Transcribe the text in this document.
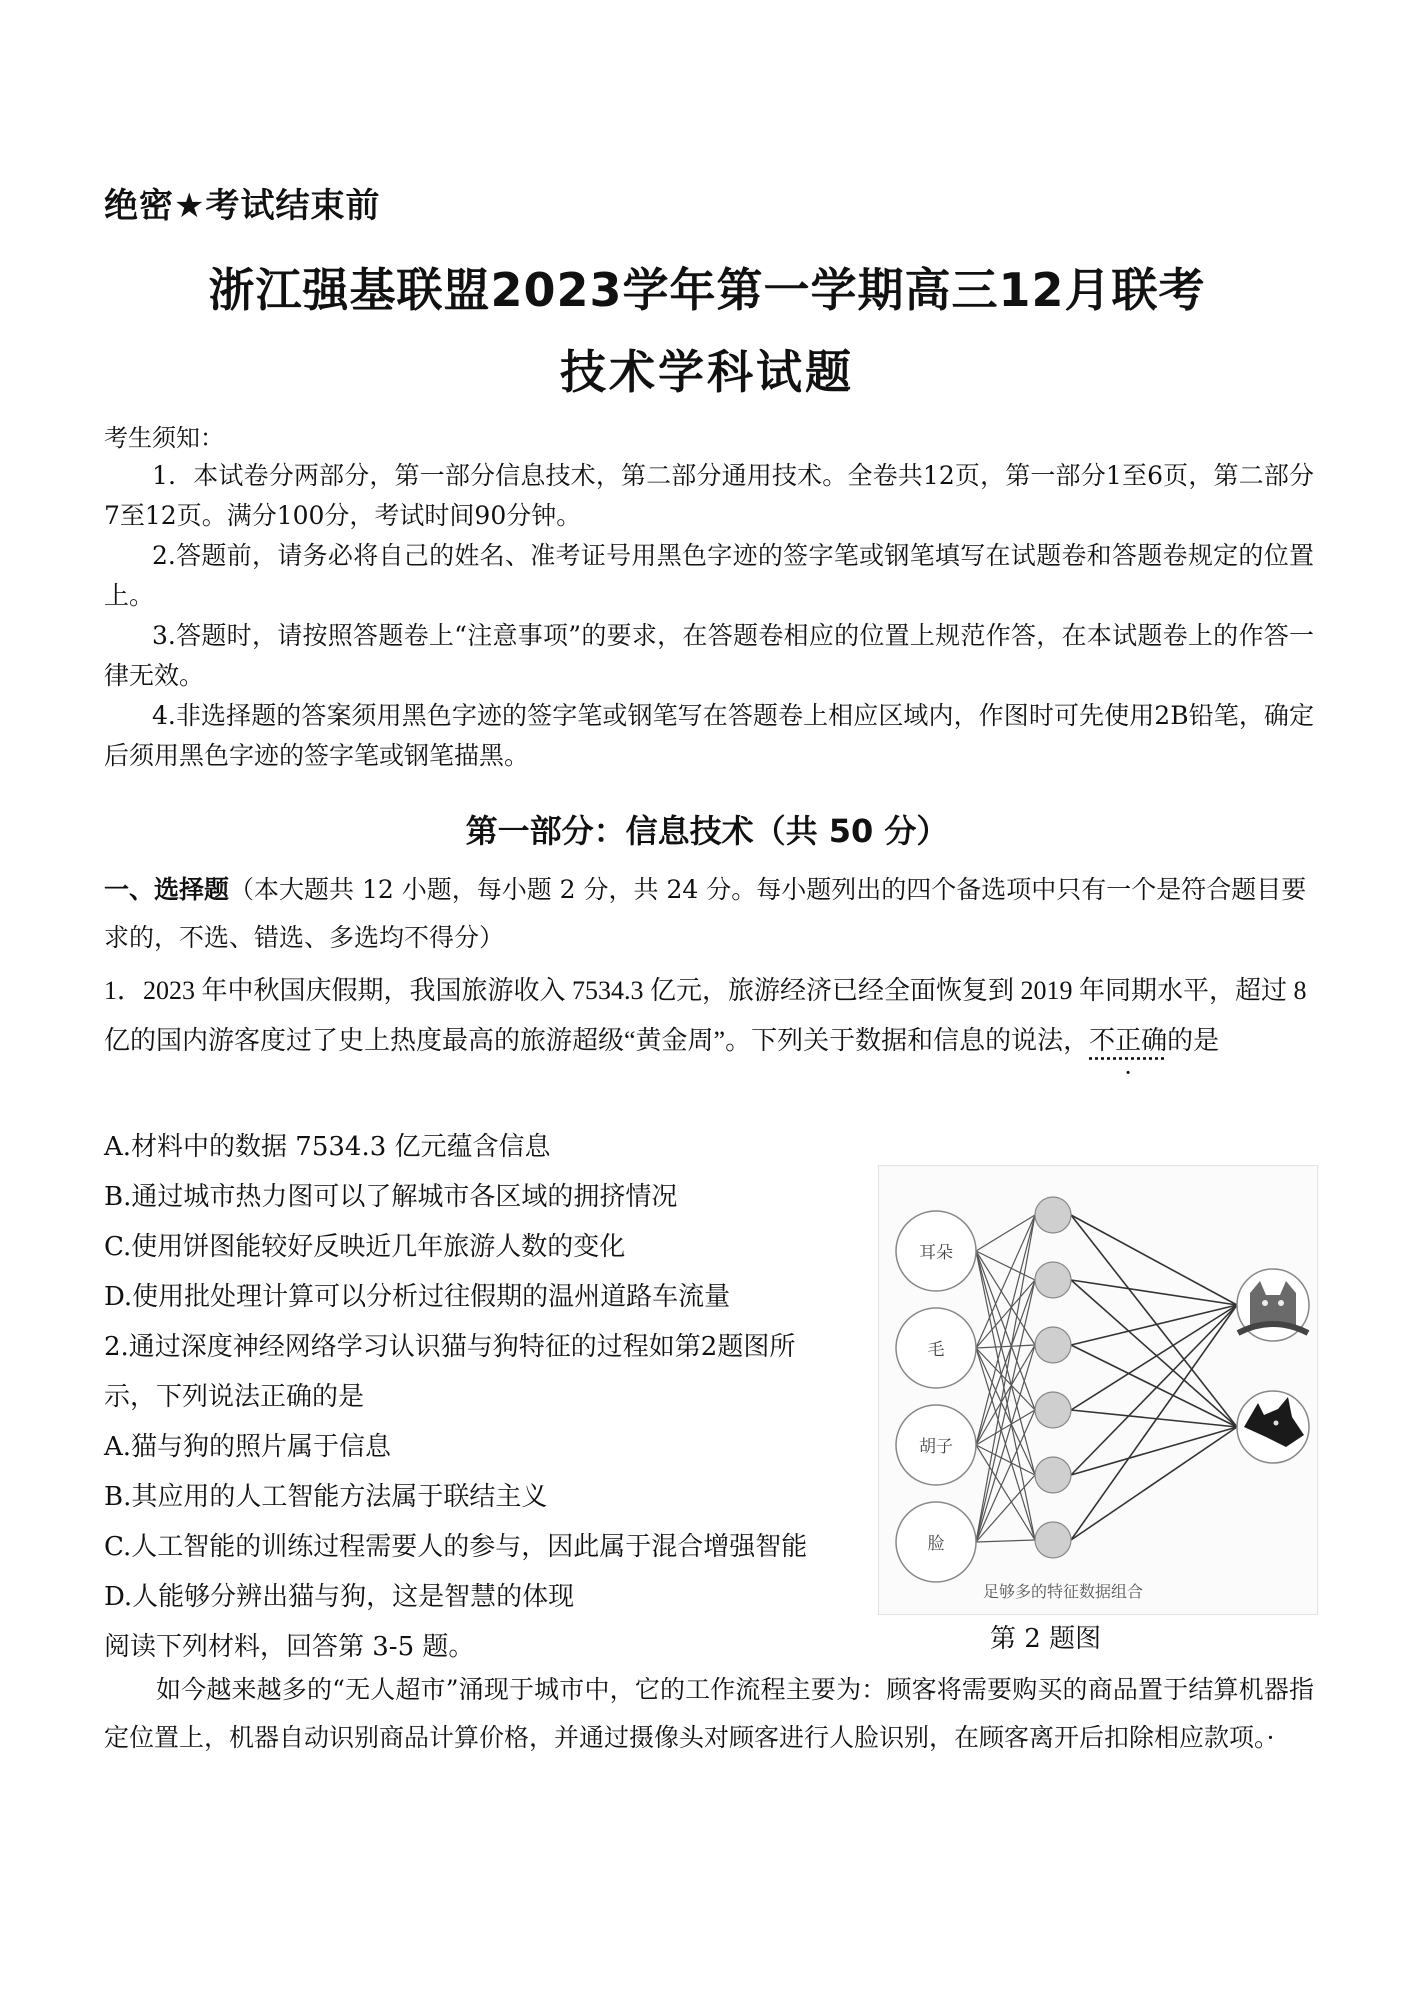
绝密★考试结束前
浙江强基联盟2023学年第一学期高三12月联考
技术学科试题
考生须知：

1．本试卷分两部分，第一部分信息技术，第二部分通用技术。全卷共12页，第一部分1至6页，第二部分7至12页。满分100分，考试时间90分钟。

2.答题前，请务必将自己的姓名、准考证号用黑色字迹的签字笔或钢笔填写在试题卷和答题卷规定的位置上。

3.答题时，请按照答题卷上“注意事项”的要求，在答题卷相应的位置上规范作答，在本试题卷上的作答一律无效。

4.非选择题的答案须用黑色字迹的签字笔或钢笔写在答题卷上相应区域内，作图时可先使用2B铅笔，确定后须用黑色字迹的签字笔或钢笔描黑。

第一部分：信息技术（共 50 分）
一、选择题（本大题共 12 小题，每小题 2 分，共 24 分。每小题列出的四个备选项中只有一个是符合题目要求的，不选、错选、多选均不得分）
1．2023 年中秋国庆假期，我国旅游收入 7534.3 亿元，旅游经济已经全面恢复到 2019 年同期水平，超过 8 亿的国内游客度过了史上热度最高的旅游超级“黄金周”。下列关于数据和信息的说法，不正确的是
A.材料中的数据 7534.3 亿元蕴含信息
B.通过城市热力图可以了解城市各区域的拥挤情况
C.使用饼图能较好反映近几年旅游人数的变化
D.使用批处理计算可以分析过往假期的温州道路车流量
2.通过深度神经网络学习认识猫与狗特征的过程如第2题图所
示，下列说法正确的是
A.猫与狗的照片属于信息
B.其应用的人工智能方法属于联结主义
C.人工智能的训练过程需要人的参与，因此属于混合增强智能
D.人能够分辨出猫与狗，这是智慧的体现
阅读下列材料，回答第 3-5 题。
耳朵
毛
胡子
脸
足够多的特征数据组合
第 2 题图

如今越来越多的“无人超市”涌现于城市中，它的工作流程主要为：顾客将需要购买的商品置于结算机器指定位置上，机器自动识别商品计算价格，并通过摄像头对顾客进行人脸识别，在顾客离开后扣除相应款项。·
